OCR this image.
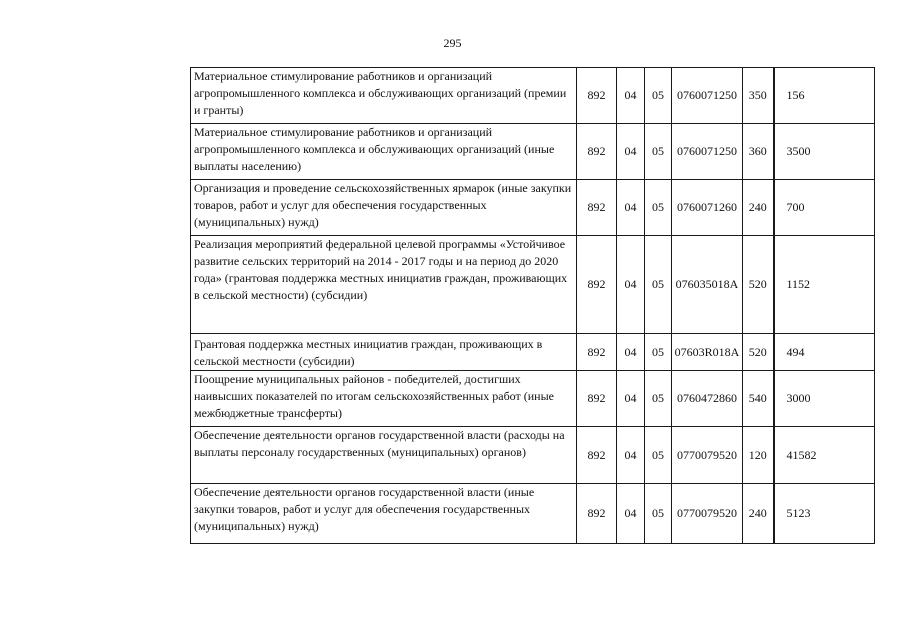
295
Материальное стимулирование работников и организаций агропромышленного комплекса и обслуживающих организаций (премии и гранты)	892	04	05	0760071250	350	156
Материальное стимулирование работников и организаций агропромышленного комплекса и обслуживающих организаций (иные выплаты населению)	892	04	05	0760071250	360	3500
Организация и проведение сельскохозяйственных ярмарок (иные закупки товаров, работ и услуг для обеспечения государственных (муниципальных) нужд)	892	04	05	0760071260	240	700
Реализация мероприятий федеральной целевой программы «Устойчивое развитие сельских территорий на 2014 - 2017 годы и на период до 2020 года» (грантовая поддержка местных инициатив граждан, проживающих в сельской местности) (субсидии)	892	04	05	076035018А	520	1152
Грантовая поддержка местных инициатив граждан, проживающих в сельской местности (субсидии)	892	04	05	07603R018А	520	494
Поощрение муниципальных районов - победителей, достигших наивысших показателей по итогам сельскохозяйственных работ (иные межбюджетные трансферты)	892	04	05	0760472860	540	3000
Обеспечение деятельности органов государственной власти (расходы на выплаты персоналу государственных (муниципальных) органов)	892	04	05	0770079520	120	41582
Обеспечение деятельности органов государственной власти (иные закупки товаров, работ и услуг для обеспечения государственных (муниципальных) нужд)	892	04	05	0770079520	240	5123
